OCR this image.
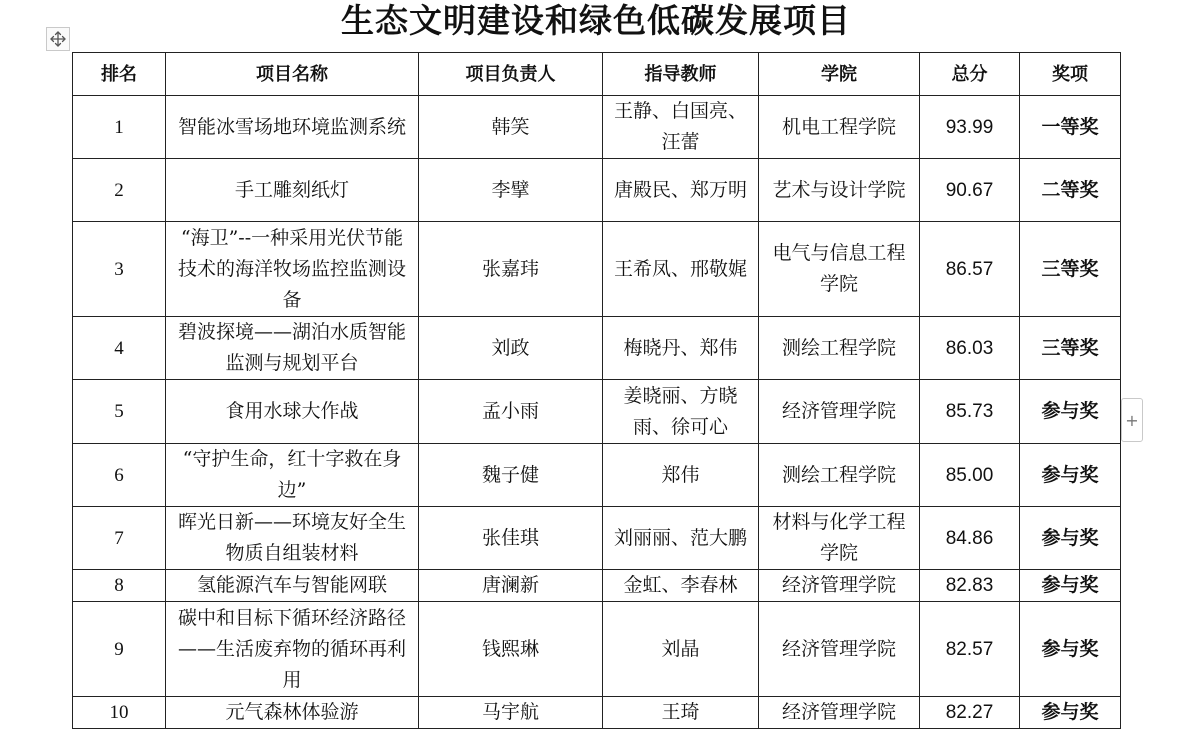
生态文明建设和绿色低碳发展项目
排名	项目名称	项目负责人	指导教师	学院	总分	奖项
1	智能冰雪场地环境监测系统	韩笑	王静、白国亮、汪蕾	机电工程学院	93.99	一等奖
2	手工雕刻纸灯	李擘	唐殿民、郑万明	艺术与设计学院	90.67	二等奖
3	“海卫”--一种采用光伏节能技术的海洋牧场监控监测设备	张嘉玮	王希凤、邢敬娓	电气与信息工程学院	86.57	三等奖
4	碧波探境——湖泊水质智能监测与规划平台	刘政	梅晓丹、郑伟	测绘工程学院	86.03	三等奖
5	食用水球大作战	孟小雨	姜晓丽、方晓雨、徐可心	经济管理学院	85.73	参与奖
6	“守护生命，红十字救在身边”	魏子健	郑伟	测绘工程学院	85.00	参与奖
7	晖光日新——环境友好全生物质自组装材料	张佳琪	刘丽丽、范大鹏	材料与化学工程学院	84.86	参与奖
8	氢能源汽车与智能网联	唐澜新	金虹、李春林	经济管理学院	82.83	参与奖
9	碳中和目标下循环经济路径——生活废弃物的循环再利用	钱熙琳	刘晶	经济管理学院	82.57	参与奖
10	元气森林体验游	马宇航	王琦	经济管理学院	82.27	参与奖
+
